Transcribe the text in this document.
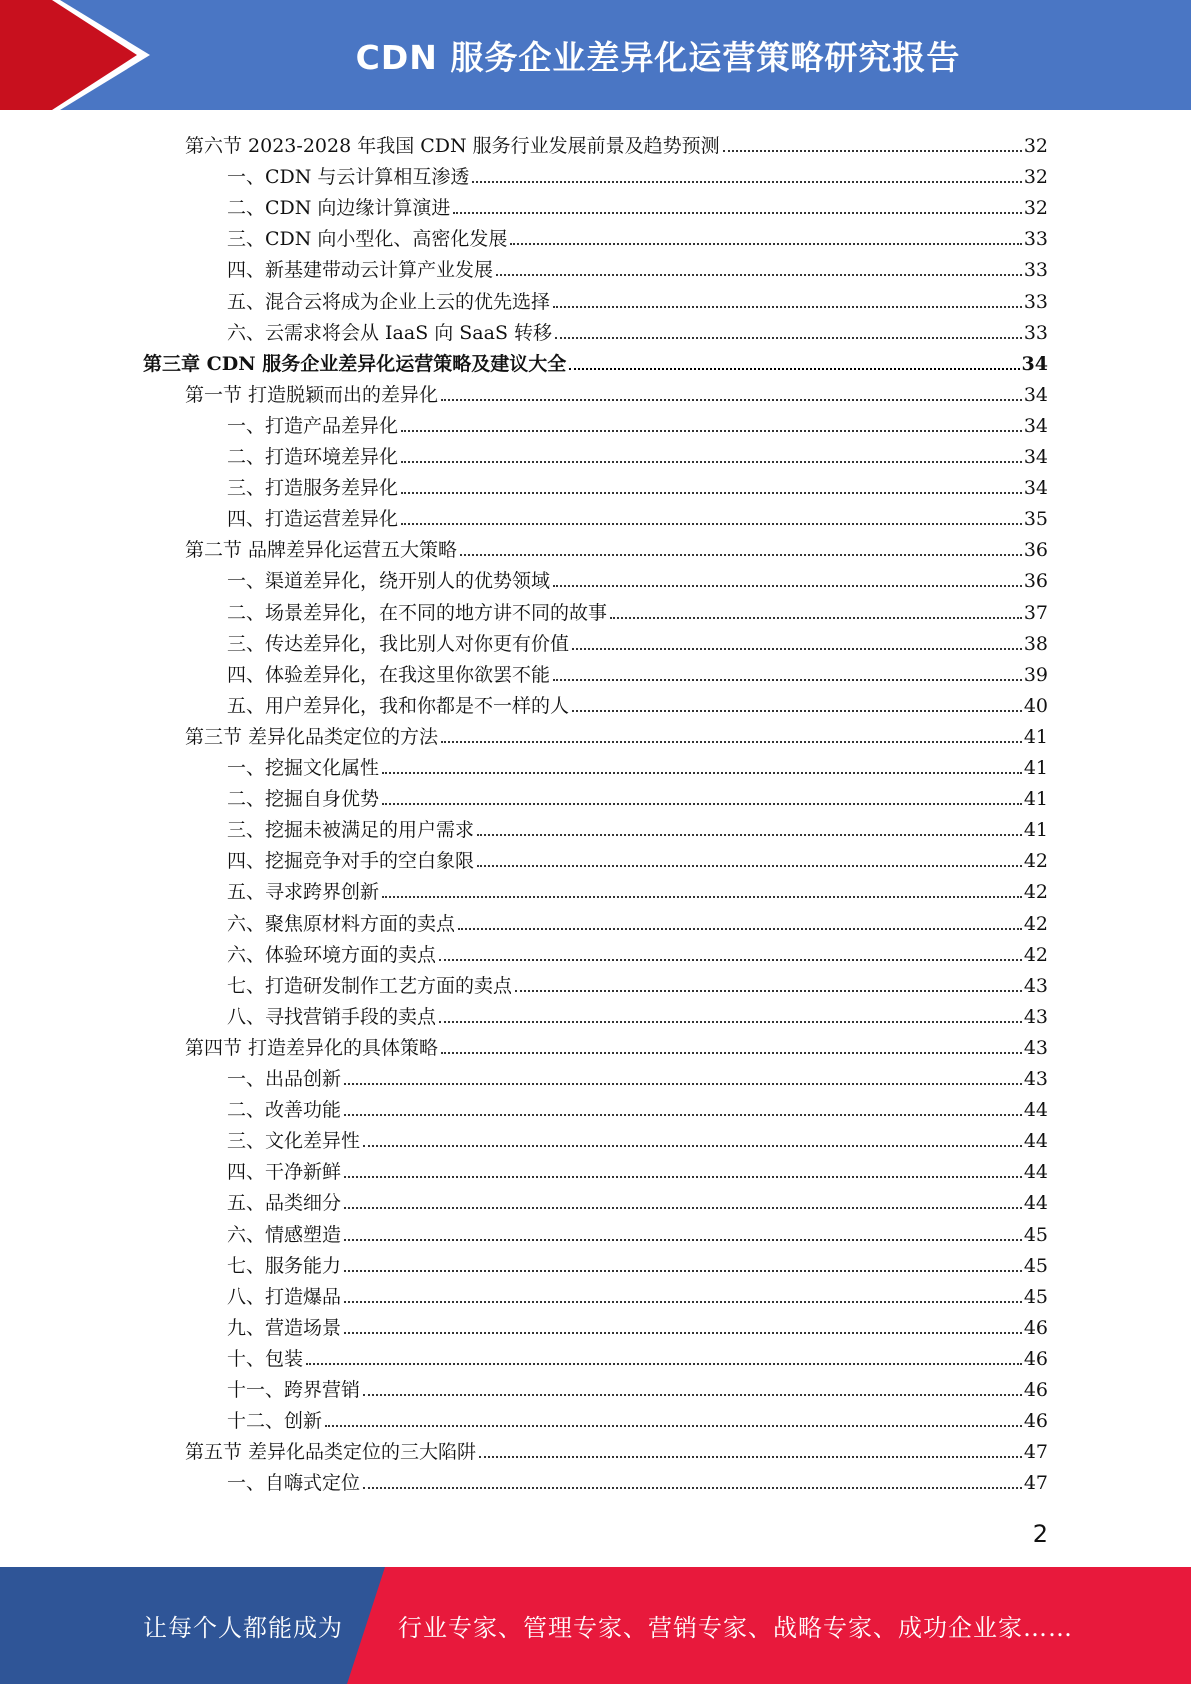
CDN 服务企业差异化运营策略研究报告
第六节 2023-2028 年我国 CDN 服务行业发展前景及趋势预测	32
一、CDN 与云计算相互渗透	32
二、CDN 向边缘计算演进	32
三、CDN 向小型化、高密化发展	33
四、新基建带动云计算产业发展	33
五、混合云将成为企业上云的优先选择	33
六、云需求将会从 IaaS 向 SaaS 转移	33
第三章 CDN 服务企业差异化运营策略及建议大全	34
第一节 打造脱颖而出的差异化	34
一、打造产品差异化	34
二、打造环境差异化	34
三、打造服务差异化	34
四、打造运营差异化	35
第二节 品牌差异化运营五大策略	36
一、渠道差异化，绕开别人的优势领域	36
二、场景差异化，在不同的地方讲不同的故事	37
三、传达差异化，我比别人对你更有价值	38
四、体验差异化，在我这里你欲罢不能	39
五、用户差异化，我和你都是不一样的人	40
第三节 差异化品类定位的方法	41
一、挖掘文化属性	41
二、挖掘自身优势	41
三、挖掘未被满足的用户需求	41
四、挖掘竞争对手的空白象限	42
五、寻求跨界创新	42
六、聚焦原材料方面的卖点	42
六、体验环境方面的卖点	42
七、打造研发制作工艺方面的卖点	43
八、寻找营销手段的卖点	43
第四节 打造差异化的具体策略	43
一、出品创新	43
二、改善功能	44
三、文化差异性	44
四、干净新鲜	44
五、品类细分	44
六、情感塑造	45
七、服务能力	45
八、打造爆品	45
九、营造场景	46
十、包装	46
十一、跨界营销	46
十二、创新	46
第五节 差异化品类定位的三大陷阱	47
一、自嗨式定位	47
2
让每个人都能成为 行业专家、管理专家、营销专家、战略专家、成功企业家……
